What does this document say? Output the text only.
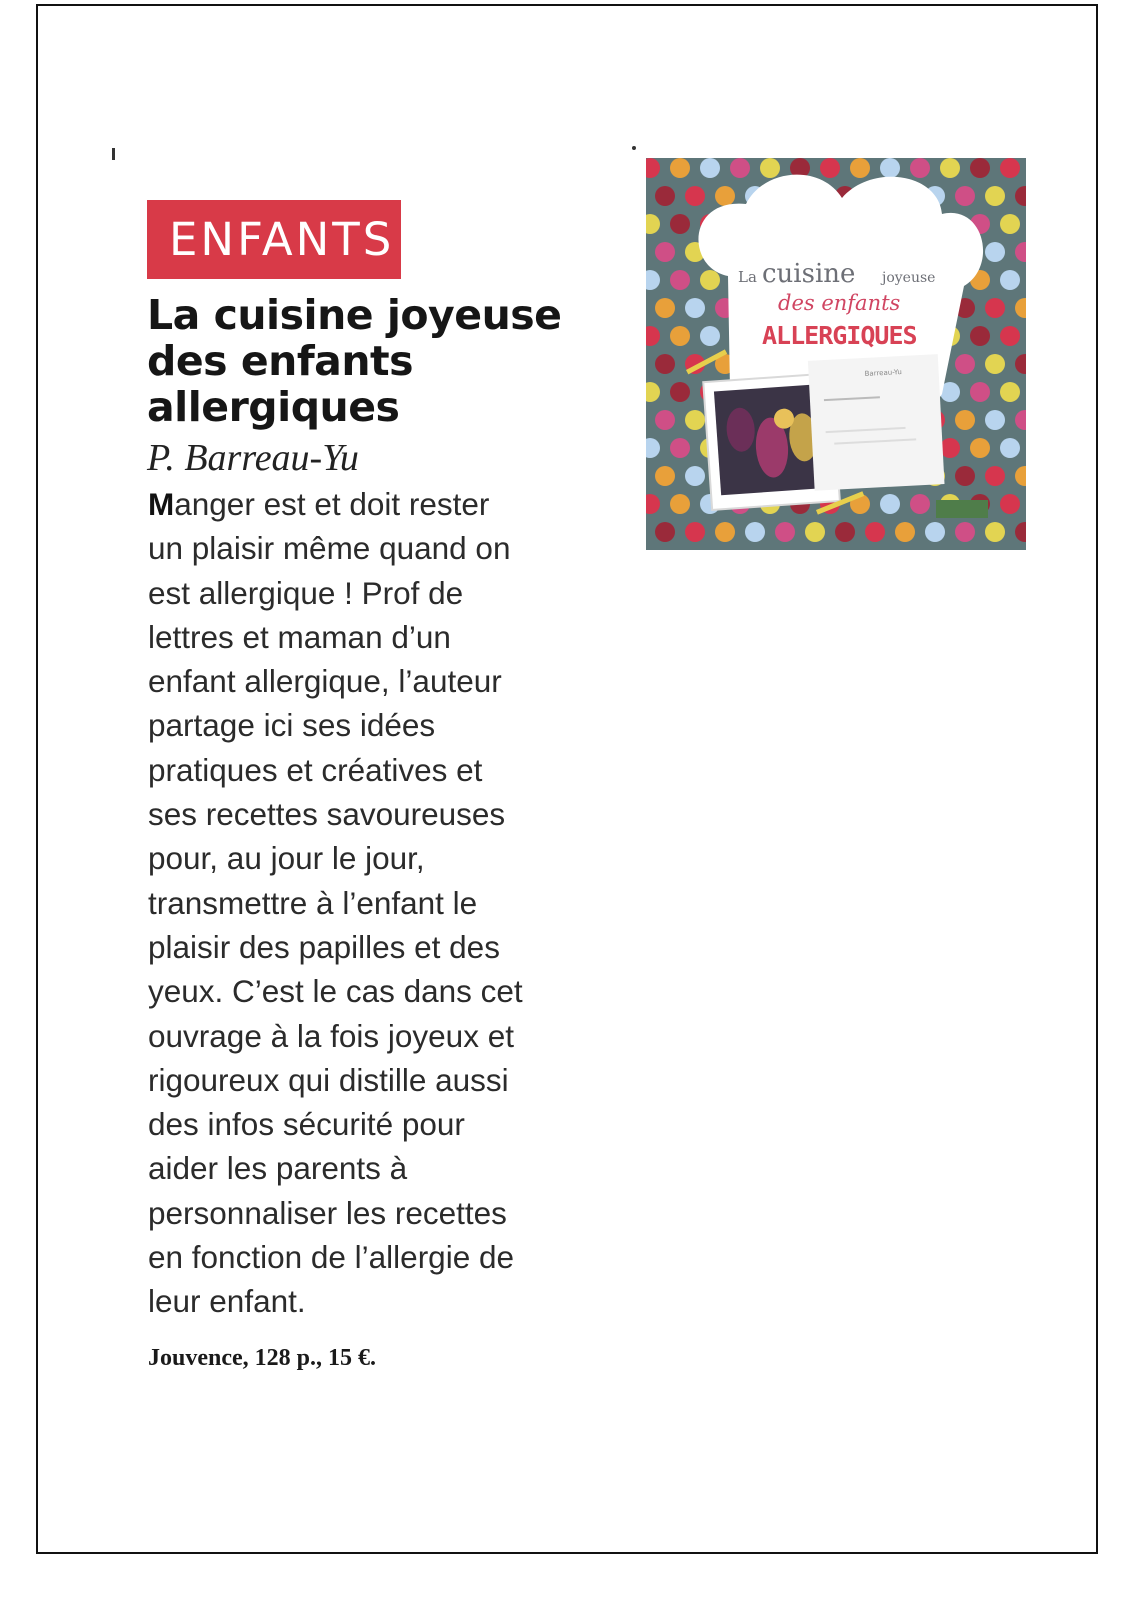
ENFANTS
La cuisine joyeuse
des enfants
allergiques

P. Barreau-Yu

Manger est et doit rester
un plaisir même quand on
est allergique ! Prof de
lettres et maman d’un
enfant allergique, l’auteur
partage ici ses idées
pratiques et créatives et
ses recettes savoureuses
pour, au jour le jour,
transmettre à l’enfant le
plaisir des papilles et des
yeux. C’est le cas dans cet
ouvrage à la fois joyeux et
rigoureux qui distille aussi
des infos sécurité pour
aider les parents à
personnaliser les recettes
en fonction de l’allergie de
leur enfant.

Jouvence, 128 p., 15 €.

La cuisine joyeuse
des enfants
ALLERGIQUES
Barreau-Yu
